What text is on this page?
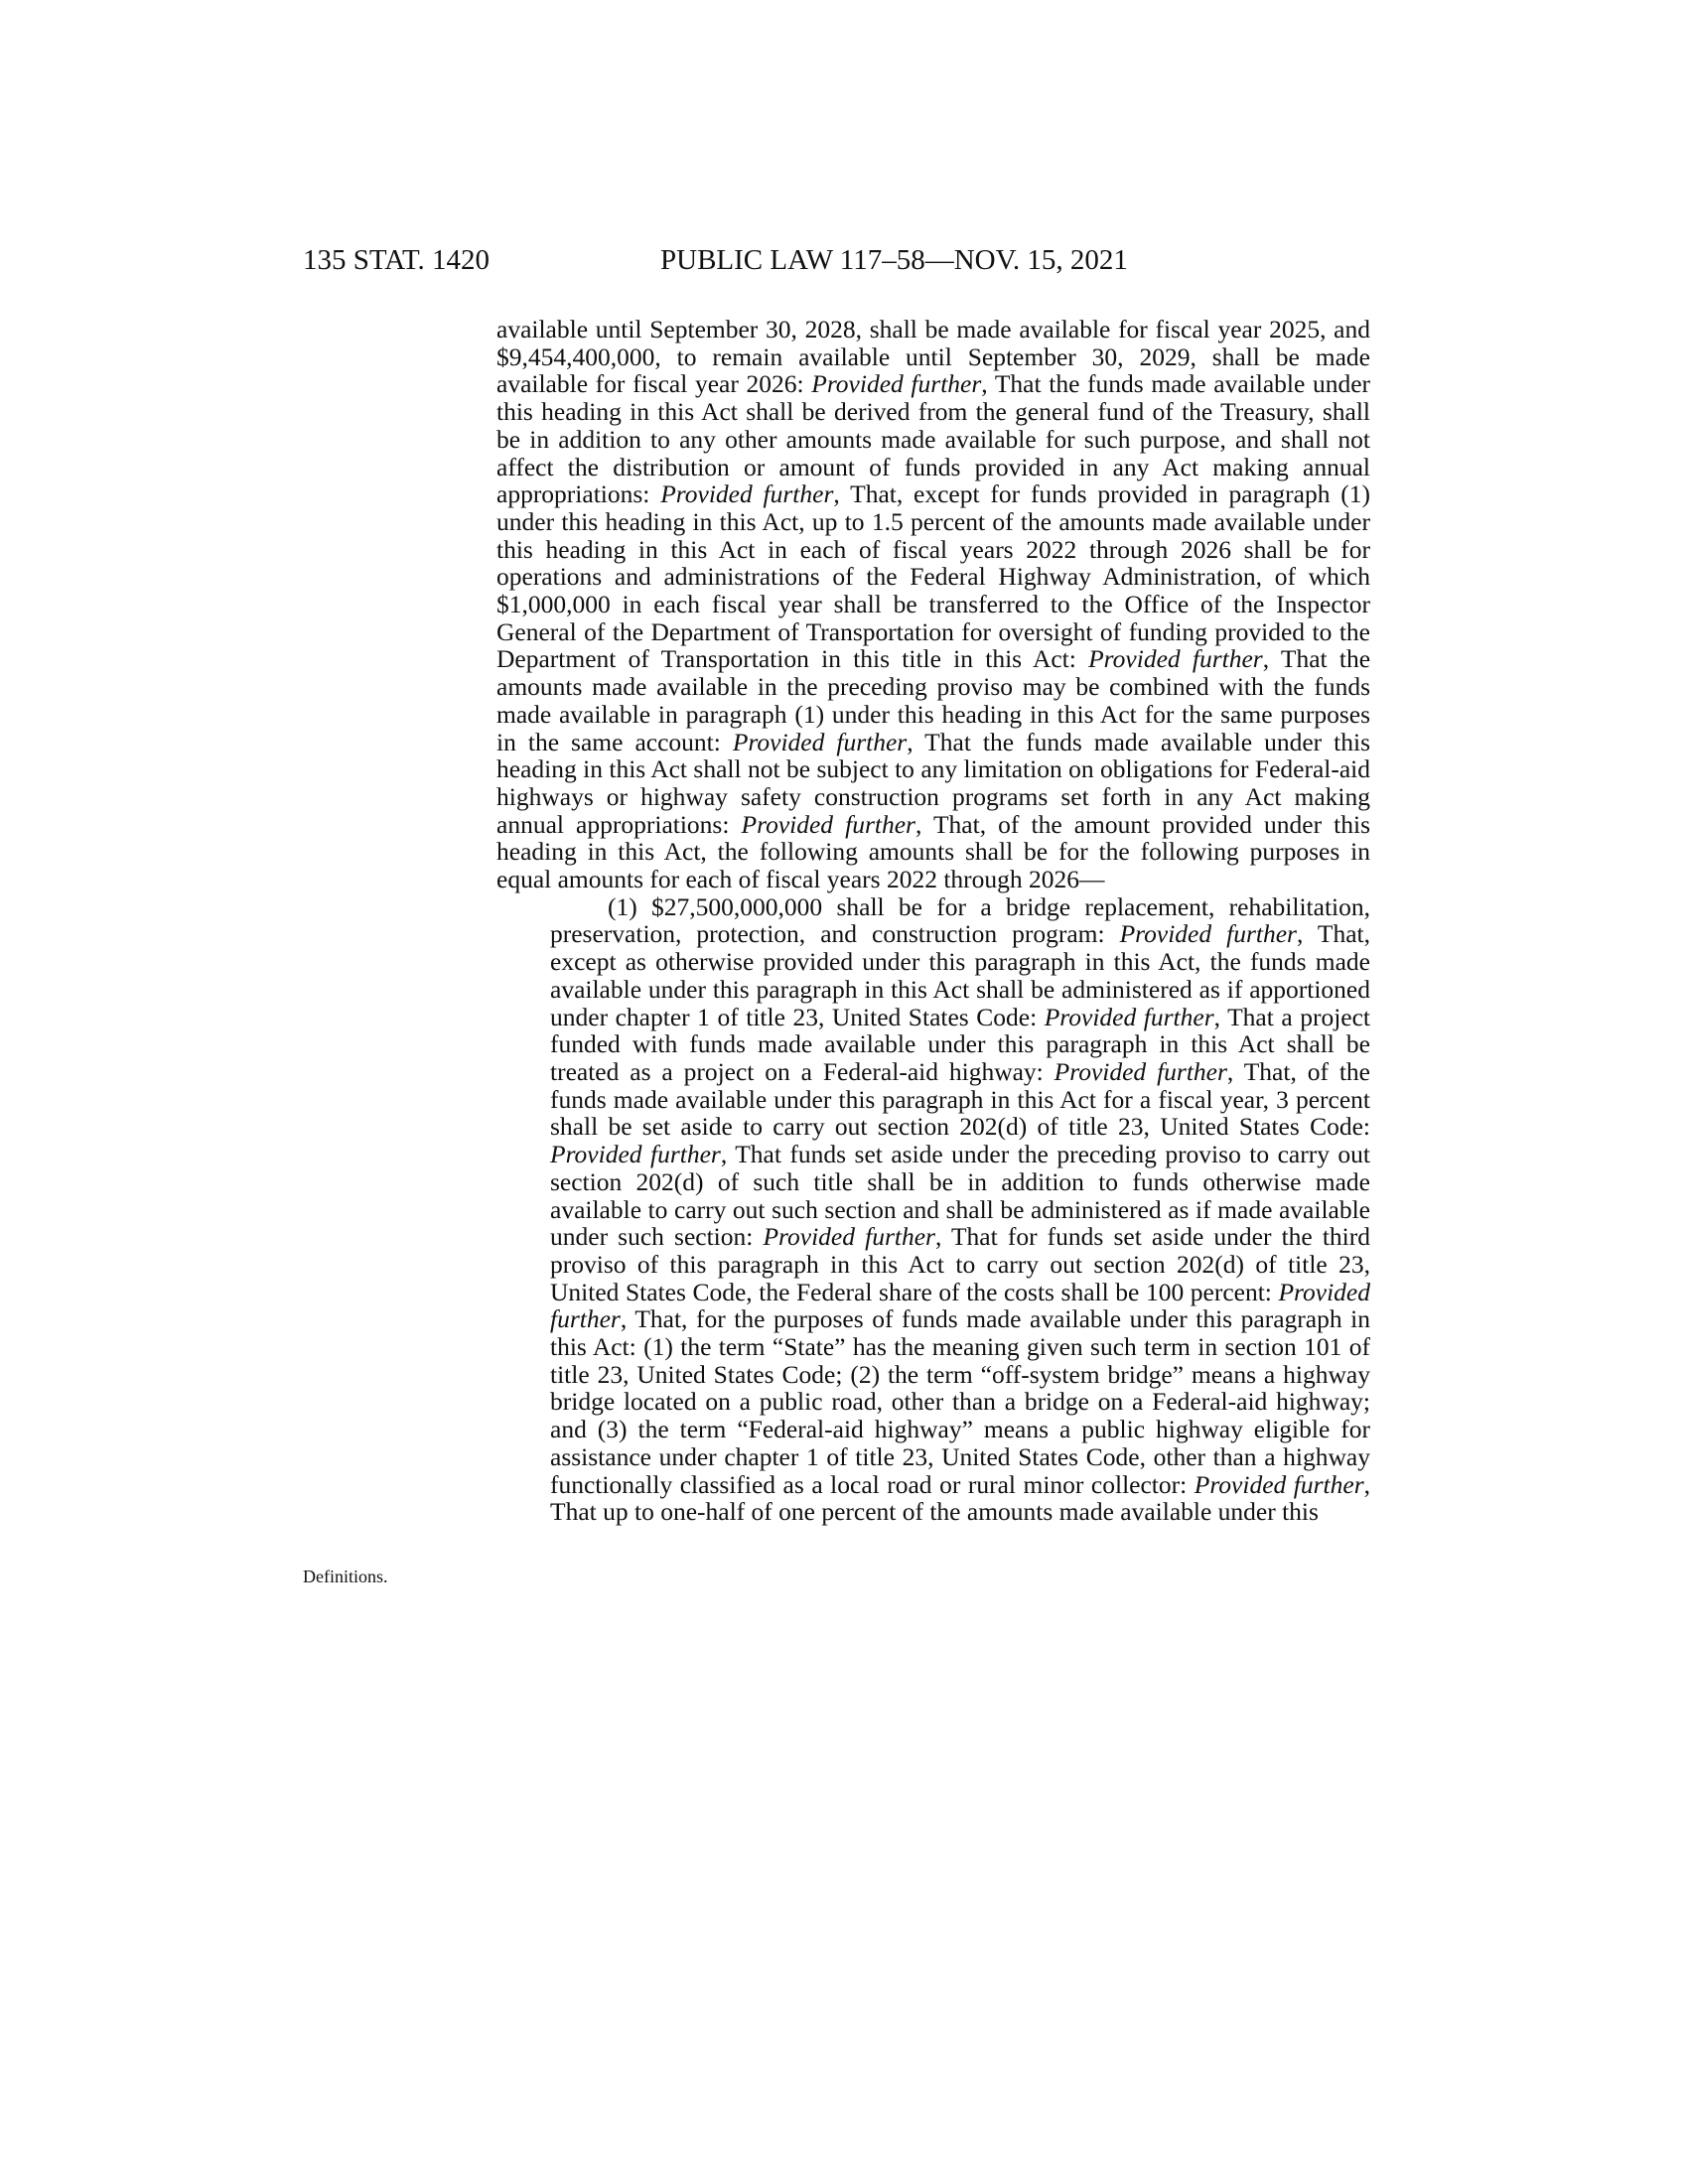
135 STAT. 1420	PUBLIC LAW 117–58—NOV. 15, 2021
Definitions.

available until September 30, 2028, shall be made available for fiscal year 2025, and $9,454,400,000, to remain available until September 30, 2029, shall be made available for fiscal year 2026: Provided further, That the funds made available under this heading in this Act shall be derived from the general fund of the Treasury, shall be in addition to any other amounts made available for such purpose, and shall not affect the distribution or amount of funds provided in any Act making annual appropriations: Provided further, That, except for funds provided in paragraph (1) under this heading in this Act, up to 1.5 percent of the amounts made available under this heading in this Act in each of fiscal years 2022 through 2026 shall be for operations and administrations of the Federal Highway Administration, of which $1,000,000 in each fiscal year shall be transferred to the Office of the Inspector General of the Department of Transportation for oversight of funding provided to the Department of Transportation in this title in this Act: Provided further, That the amounts made available in the preceding proviso may be combined with the funds made available in paragraph (1) under this heading in this Act for the same purposes in the same account: Provided further, That the funds made available under this heading in this Act shall not be subject to any limitation on obligations for Federal-aid highways or highway safety construction programs set forth in any Act making annual appropriations: Provided further, That, of the amount provided under this heading in this Act, the following amounts shall be for the following purposes in equal amounts for each of fiscal years 2022 through 2026—

(1) $27,500,000,000 shall be for a bridge replacement, rehabilitation, preservation, protection, and construction program: Provided further, That, except as otherwise provided under this paragraph in this Act, the funds made available under this paragraph in this Act shall be administered as if apportioned under chapter 1 of title 23, United States Code: Provided further, That a project funded with funds made available under this paragraph in this Act shall be treated as a project on a Federal-aid highway: Provided further, That, of the funds made available under this paragraph in this Act for a fiscal year, 3 percent shall be set aside to carry out section 202(d) of title 23, United States Code: Provided further, That funds set aside under the preceding proviso to carry out section 202(d) of such title shall be in addition to funds otherwise made available to carry out such section and shall be administered as if made available under such section: Provided further, That for funds set aside under the third proviso of this paragraph in this Act to carry out section 202(d) of title 23, United States Code, the Federal share of the costs shall be 100 percent: Provided further, That, for the purposes of funds made available under this paragraph in this Act: (1) the term “State” has the meaning given such term in section 101 of title 23, United States Code; (2) the term “off-system bridge” means a highway bridge located on a public road, other than a bridge on a Federal-aid highway; and (3) the term “Federal-aid highway” means a public highway eligible for assistance under chapter 1 of title 23, United States Code, other than a highway functionally classified as a local road or rural minor collector: Provided further, That up to one-half of one percent of the amounts made available under this
